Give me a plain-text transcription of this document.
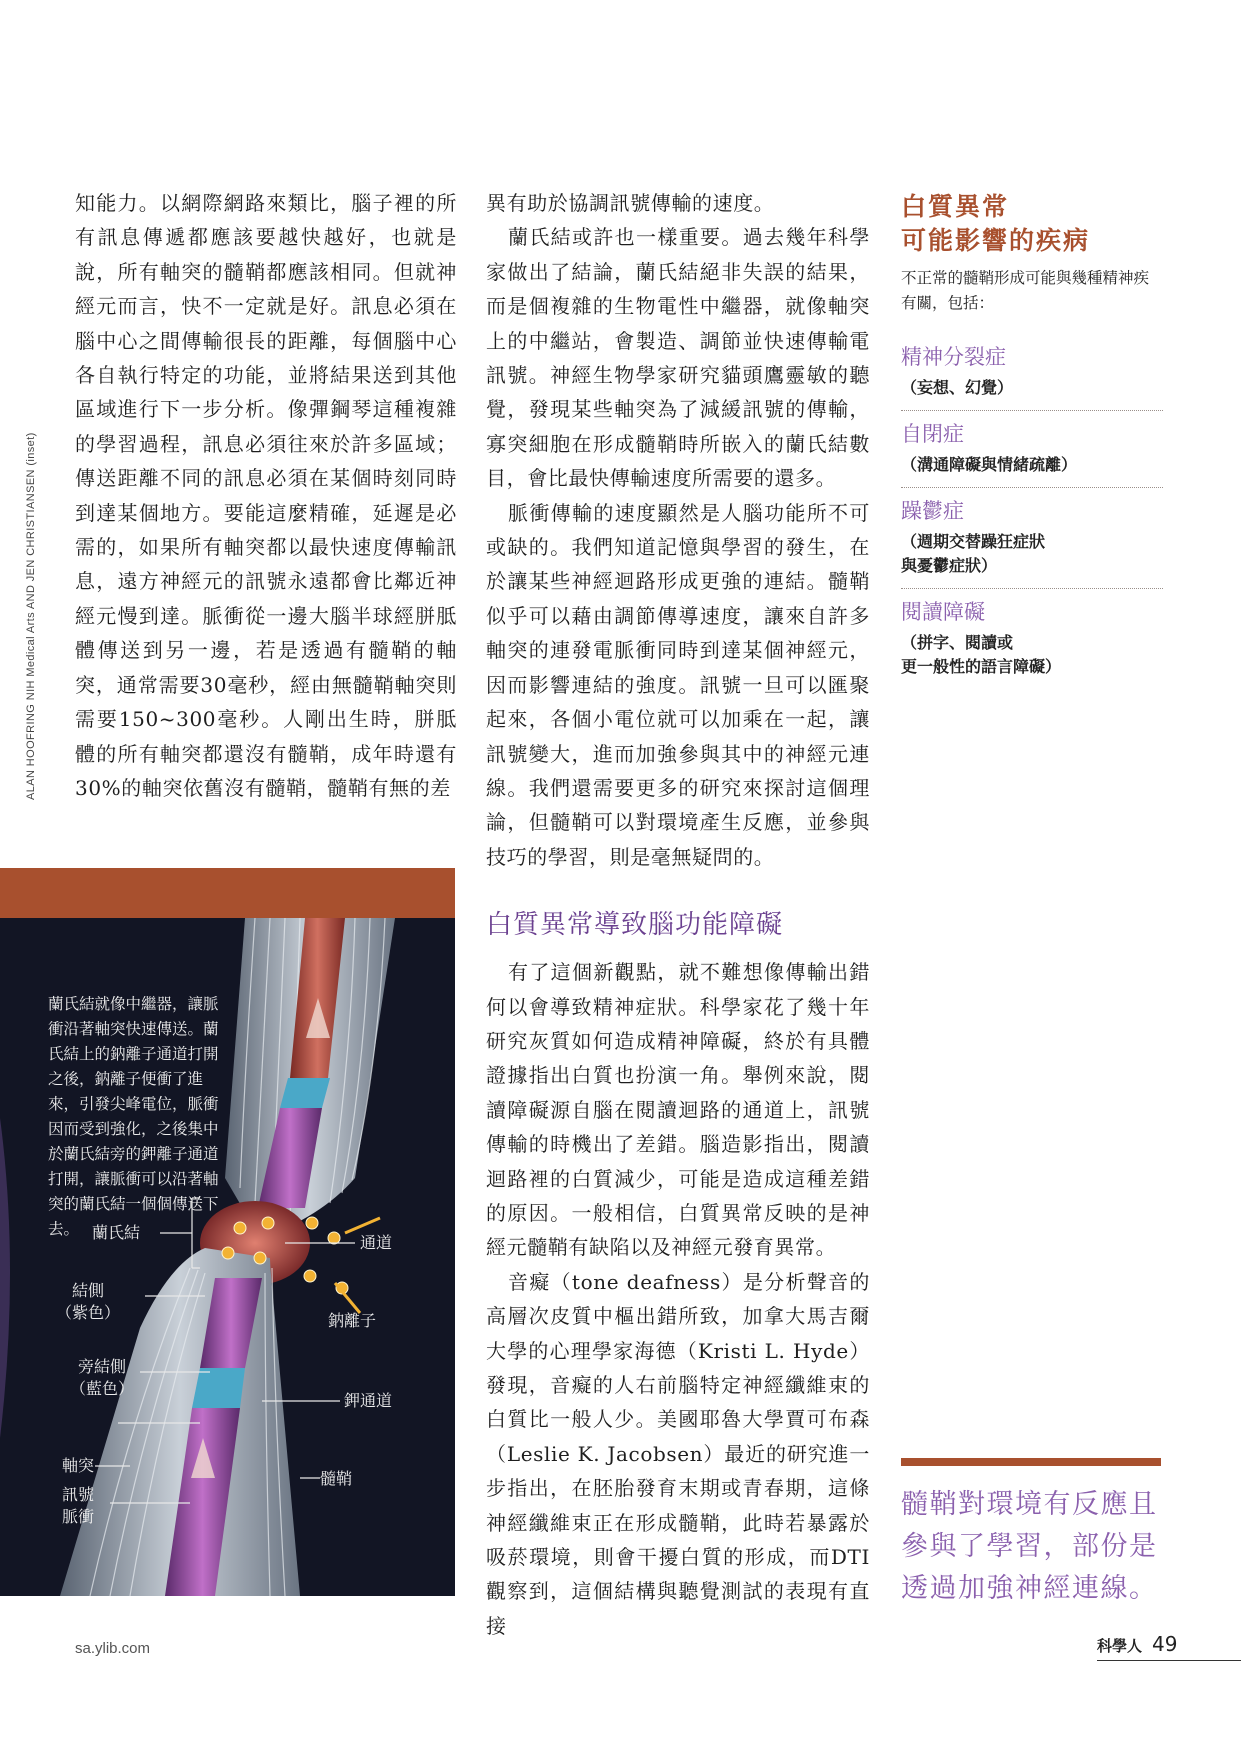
ALAN HOOFRING NIH Medical Arts AND JEN CHRISTIANSEN (inset)

知能力。以網際網路來類比，腦子裡的所有訊息傳遞都應該要越快越好，也就是說，所有軸突的髓鞘都應該相同。但就神經元而言，快不一定就是好。訊息必須在腦中心之間傳輸很長的距離，每個腦中心各自執行特定的功能，並將結果送到其他區域進行下一步分析。像彈鋼琴這種複雜的學習過程，訊息必須往來於許多區域；傳送距離不同的訊息必須在某個時刻同時到達某個地方。要能這麼精確，延遲是必需的，如果所有軸突都以最快速度傳輸訊息，遠方神經元的訊號永遠都會比鄰近神經元慢到達。脈衝從一邊大腦半球經胼胝體傳送到另一邊，若是透過有髓鞘的軸突，通常需要30毫秒，經由無髓鞘軸突則需要150~300毫秒。人剛出生時，胼胝體的所有軸突都還沒有髓鞘，成年時還有30%的軸突依舊沒有髓鞘，髓鞘有無的差

異有助於協調訊號傳輸的速度。

蘭氏結或許也一樣重要。過去幾年科學家做出了結論，蘭氏結絕非失誤的結果，而是個複雜的生物電性中繼器，就像軸突上的中繼站，會製造、調節並快速傳輸電訊號。神經生物學家研究貓頭鷹靈敏的聽覺，發現某些軸突為了減緩訊號的傳輸，寡突細胞在形成髓鞘時所嵌入的蘭氏結數目，會比最快傳輸速度所需要的還多。

脈衝傳輸的速度顯然是人腦功能所不可或缺的。我們知道記憶與學習的發生，在於讓某些神經迴路形成更強的連結。髓鞘似乎可以藉由調節傳導速度，讓來自許多軸突的連發電脈衝同時到達某個神經元，因而影響連結的強度。訊號一旦可以匯聚起來，各個小電位就可以加乘在一起，讓訊號變大，進而加強參與其中的神經元連線。我們還需要更多的研究來探討這個理論，但髓鞘可以對環境產生反應，並參與技巧的學習，則是毫無疑問的。

白質異常導致腦功能障礙

有了這個新觀點，就不難想像傳輸出錯何以會導致精神症狀。科學家花了幾十年研究灰質如何造成精神障礙，終於有具體證據指出白質也扮演一角。舉例來說，閱讀障礙源自腦在閱讀迴路的通道上，訊號傳輸的時機出了差錯。腦造影指出，閱讀迴路裡的白質減少，可能是造成這種差錯的原因。一般相信，白質異常反映的是神經元髓鞘有缺陷以及神經元發育異常。

音癡（tone deafness）是分析聲音的高層次皮質中樞出錯所致，加拿大馬吉爾大學的心理學家海德（Kristi L. Hyde）發現，音癡的人右前腦特定神經纖維束的白質比一般人少。美國耶魯大學賈可布森（Leslie K. Jacobsen）最近的研究進一步指出，在胚胎發育末期或青春期，這條神經纖維束正在形成髓鞘，此時若暴露於吸菸環境，則會干擾白質的形成，而DTI觀察到，這個結構與聽覺測試的表現有直接

白質異常
可能影響的疾病
不正常的髓鞘形成可能與幾種精神疾有關，包括：
精神分裂症
（妄想、幻覺）
自閉症
（溝通障礙與情緒疏離）
躁鬱症
（週期交替躁狂症狀
與憂鬱症狀）
閱讀障礙
（拼字、閱讀或
更一般性的語言障礙）
髓鞘對環境有反應且參與了學習，部份是透過加強神經連線。
蘭氏結就像中繼器，讓脈衝沿著軸突快速傳送。蘭氏結上的鈉離子通道打開之後，鈉離子便衝了進來，引發尖峰電位，脈衝因而受到強化，之後集中於蘭氏結旁的鉀離子通道打開，讓脈衝可以沿著軸突的蘭氏結一個個傳送下去。 蘭氏結
通道
結側
（紫色）	鈉離子
旁結側
（藍色）
鉀通道
軸突
訊號
脈衝
髓鞘
sa.ylib.com	科學人 49
